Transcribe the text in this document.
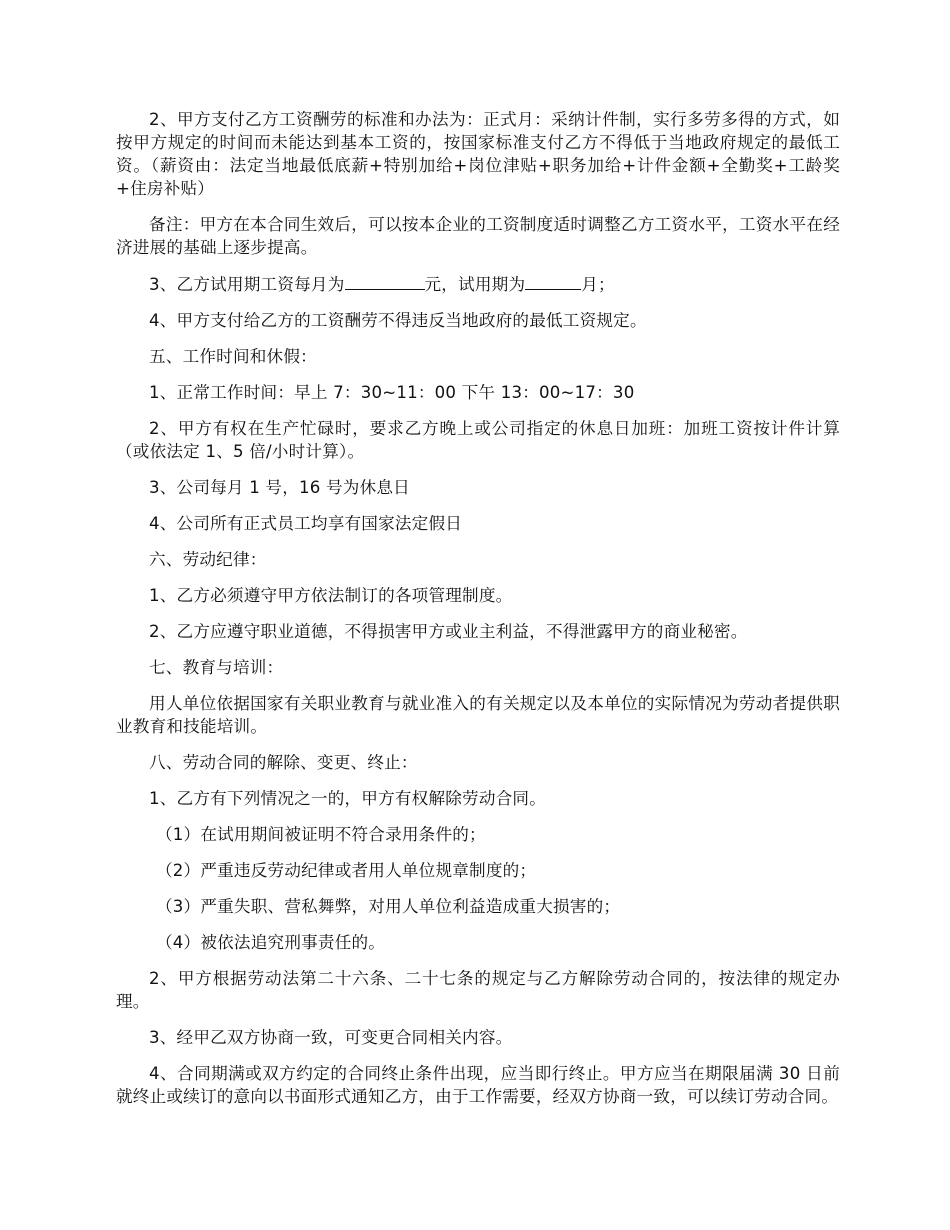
2、甲方支付乙方工资酬劳的标准和办法为：正式月：采纳计件制，实行多劳多得的方式，如按甲方规定的时间而未能达到基本工资的，按国家标准支付乙方不得低于当地政府规定的最低工资。（薪资由：法定当地最低底薪+特别加给+岗位津贴+职务加给+计件金额+全勤奖+工龄奖+住房补贴）

备注：甲方在本合同生效后，可以按本企业的工资制度适时调整乙方工资水平，工资水平在经济进展的基础上逐步提高。

3、乙方试用期工资每月为	元，试用期为	月；

4、甲方支付给乙方的工资酬劳不得违反当地政府的最低工资规定。

五、工作时间和休假：

1、正常工作时间：早上 7：30~11：00 下午 13：00~17：30

2、甲方有权在生产忙碌时，要求乙方晚上或公司指定的休息日加班：加班工资按计件计算（或依法定 1、5 倍/小时计算）。

3、公司每月 1 号，16 号为休息日

4、公司所有正式员工均享有国家法定假日

六、劳动纪律：

1、乙方必须遵守甲方依法制订的各项管理制度。

2、乙方应遵守职业道德，不得损害甲方或业主利益，不得泄露甲方的商业秘密。

七、教育与培训：

用人单位依据国家有关职业教育与就业准入的有关规定以及本单位的实际情况为劳动者提供职业教育和技能培训。

八、劳动合同的解除、变更、终止：

1、乙方有下列情况之一的，甲方有权解除劳动合同。

（1）在试用期间被证明不符合录用条件的；

（2）严重违反劳动纪律或者用人单位规章制度的；

（3）严重失职、营私舞弊，对用人单位利益造成重大损害的；

（4）被依法追究刑事责任的。

2、甲方根据劳动法第二十六条、二十七条的规定与乙方解除劳动合同的，按法律的规定办理。

3、经甲乙双方协商一致，可变更合同相关内容。

4、合同期满或双方约定的合同终止条件出现，应当即行终止。甲方应当在期限届满 30 日前就终止或续订的意向以书面形式通知乙方，由于工作需要，经双方协商一致，可以续订劳动合同。
